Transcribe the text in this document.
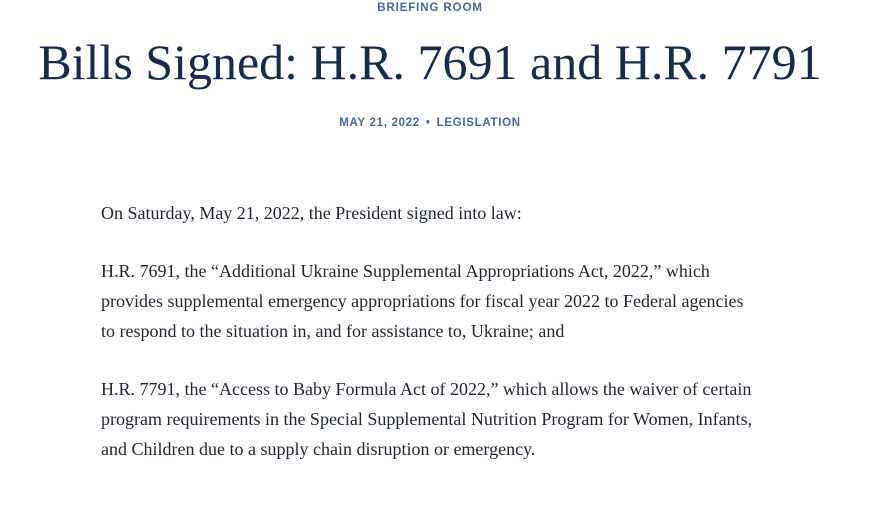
BRIEFING ROOM
Bills Signed: H.R. 7691 and H.R. 7791
MAY 21, 2022 • LEGISLATION

On Saturday, May 21, 2022, the President signed into law:

H.R. 7691, the “Additional Ukraine Supplemental Appropriations Act, 2022,” which provides supplemental emergency appropriations for fiscal year 2022 to Federal agencies to respond to the situation in, and for assistance to, Ukraine; and

H.R. 7791, the “Access to Baby Formula Act of 2022,” which allows the waiver of certain program requirements in the Special Supplemental Nutrition Program for Women, Infants, and Children due to a supply chain disruption or emergency.
